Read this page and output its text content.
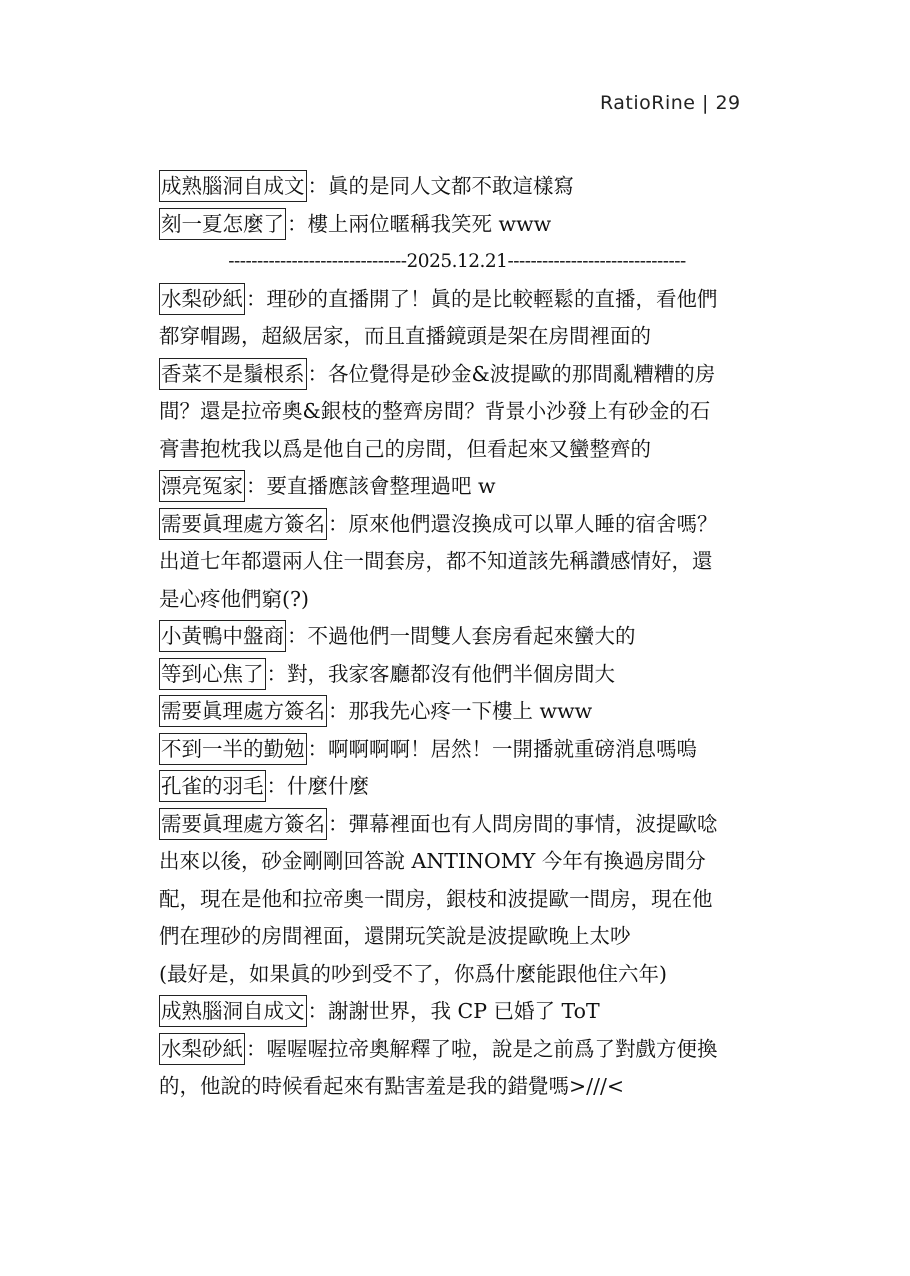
RatioRine | 29
成熟腦洞自成文 ：眞的是同人文都不敢這樣寫
刻一夏怎麼了 ：樓上兩位暱稱我笑死 www
-------------------------------2025.12.21-------------------------------
水梨砂紙 ：理砂的直播開了！眞的是比較輕鬆的直播，看他們
都穿帽踢，超級居家，而且直播鏡頭是架在房間裡面的
香菜不是鬚根系 ：各位覺得是砂金&波提歐的那間亂糟糟的房
間？還是拉帝奧&銀枝的整齊房間？背景小沙發上有砂金的石
膏書抱枕我以爲是他自己的房間，但看起來又蠻整齊的
漂亮冤家 ：要直播應該會整理過吧 w
需要眞理處方簽名 ：原來他們還沒換成可以單人睡的宿舍嗎？
出道七年都還兩人住一間套房，都不知道該先稱讚感情好，還
是心疼他們窮(?)
小黃鴨中盤商 ：不過他們一間雙人套房看起來蠻大的
等到心焦了 ：對，我家客廳都沒有他們半個房間大
需要眞理處方簽名 ：那我先心疼一下樓上 www
不到一半的勤勉 ：啊啊啊啊！居然！一開播就重磅消息嗎嗚
孔雀的羽毛 ：什麼什麼
需要眞理處方簽名 ：彈幕裡面也有人問房間的事情，波提歐唸
出來以後，砂金剛剛回答說 ANTINOMY 今年有換過房間分
配，現在是他和拉帝奧一間房，銀枝和波提歐一間房，現在他
們在理砂的房間裡面，還開玩笑說是波提歐晚上太吵
(最好是，如果眞的吵到受不了，你爲什麼能跟他住六年)
成熟腦洞自成文 ：謝謝世界，我 CP 已婚了 ToT
水梨砂紙 ：喔喔喔拉帝奧解釋了啦，說是之前爲了對戲方便換
的，他說的時候看起來有點害羞是我的錯覺嗎>///<
